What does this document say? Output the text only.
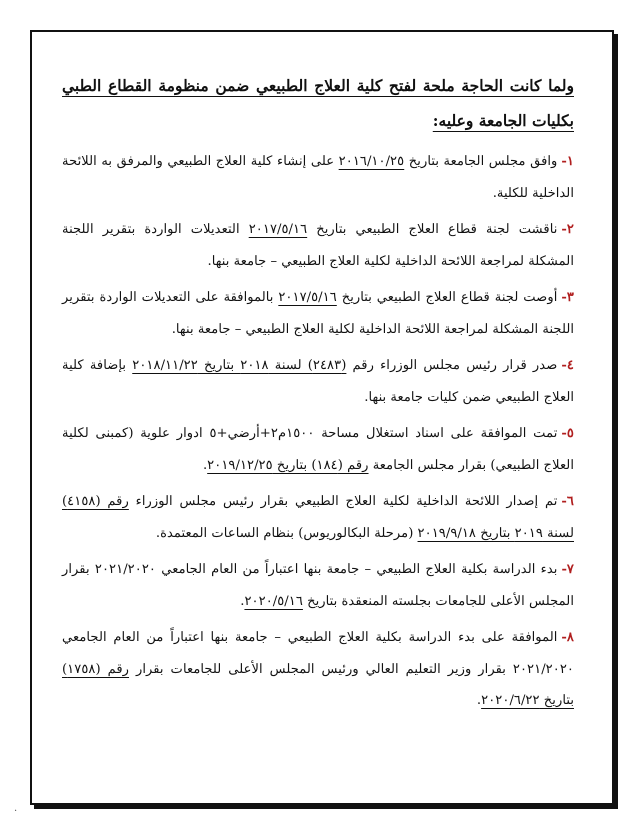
ولما كانت الحاجة ملحة لفتح كلية العلاج الطبيعي ضمن منظومة القطاع الطبي بكليات الجامعة وعليه:

١-وافق مجلس الجامعة بتاريخ ٢٠١٦/١٠/٢٥ على إنشاء كلية العلاج الطبيعي والمرفق به اللائحة الداخلية للكلية.
٢-ناقشت لجنة قطاع العلاج الطبيعي بتاريخ ٢٠١٧/٥/١٦ التعديلات الواردة بتقرير اللجنة المشكلة لمراجعة اللائحة الداخلية لكلية العلاج الطبيعي – جامعة بنها.
٣-أوصت لجنة قطاع العلاج الطبيعي بتاريخ ٢٠١٧/٥/١٦ بالموافقة على التعديلات الواردة بتقرير اللجنة المشكلة لمراجعة اللائحة الداخلية لكلية العلاج الطبيعي – جامعة بنها.
٤-صدر قرار رئيس مجلس الوزراء رقم (٢٤٨٣) لسنة ٢٠١٨ بتاريخ ٢٠١٨/١١/٢٢ بإضافة كلية العلاج الطبيعي ضمن كليات جامعة بنها.
٥-تمت الموافقة على اسناد استغلال مساحة ١٥٠٠م٢+أرضي+٥ ادوار علوية (كمبنى لكلية العلاج الطبيعي) بقرار مجلس الجامعة رقم (١٨٤) بتاريخ ٢٠١٩/١٢/٢٥.
٦-تم إصدار اللائحة الداخلية لكلية العلاج الطبيعي بقرار رئيس مجلس الوزراء رقم (٤١٥٨) لسنة ٢٠١٩ بتاريخ ٢٠١٩/٩/١٨ (مرحلة البكالوريوس) بنظام الساعات المعتمدة.
٧-بدء الدراسة بكلية العلاج الطبيعي – جامعة بنها اعتباراً من العام الجامعي ٢٠٢١/٢٠٢٠ بقرار المجلس الأعلى للجامعات بجلسته المنعقدة بتاريخ ٢٠٢٠/٥/١٦.
٨-الموافقة على بدء الدراسة بكلية العلاج الطبيعي – جامعة بنها اعتباراً من العام الجامعي ٢٠٢١/٢٠٢٠ بقرار وزير التعليم العالي ورئيس المجلس الأعلى للجامعات بقرار رقم (١٧٥٨) بتاريخ ٢٠٢٠/٦/٢٢.
.
